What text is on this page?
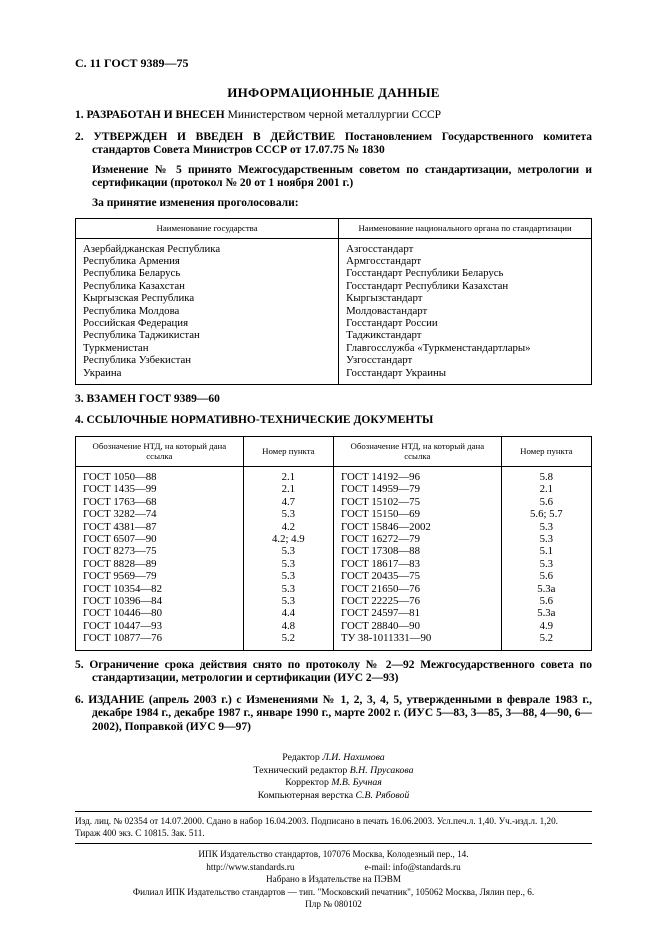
С. 11 ГОСТ 9389—75
ИНФОРМАЦИОННЫЕ ДАННЫЕ

1. РАЗРАБОТАН И ВНЕСЕН Министерством черной металлургии СССР

2. УТВЕРЖДЕН И ВВЕДЕН В ДЕЙСТВИЕ Постановлением Государственного комитета стандартов Совета Министров СССР от 17.07.75 № 1830

Изменение № 5 принято Межгосударственным советом по стандартизации, метрологии и сертификации (протокол № 20 от 1 ноября 2001 г.)

За принятие изменения проголосовали:

Наименование государства	Наименование национального органа по стандартизации
Азербайджанская Республика	Азгосстандарт
Республика Армения	Армгосстандарт
Республика Беларусь	Госстандарт Республики Беларусь
Республика Казахстан	Госстандарт Республики Казахстан
Кыргызская Республика	Кыргызстандарт
Республика Молдова	Молдовастандарт
Российская Федерация	Госстандарт России
Республика Таджикистан	Таджикстандарт
Туркменистан	Главгосслужба «Туркменстандартлары»
Республика Узбекистан	Узгосстандарт
Украина	Госстандарт Украины

3. ВЗАМЕН ГОСТ 9389—60

4. ССЫЛОЧНЫЕ НОРМАТИВНО-ТЕХНИЧЕСКИЕ ДОКУМЕНТЫ

Обозначение НТД, на который дана ссылка	Номер пункта	Обозначение НТД, на который дана ссылка	Номер пункта
ГОСТ 1050—88	2.1	ГОСТ 14192—96	5.8
ГОСТ 1435—99	2.1	ГОСТ 14959—79	2.1
ГОСТ 1763—68	4.7	ГОСТ 15102—75	5.6
ГОСТ 3282—74	5.3	ГОСТ 15150—69	5.6; 5.7
ГОСТ 4381—87	4.2	ГОСТ 15846—2002	5.3
ГОСТ 6507—90	4.2; 4.9	ГОСТ 16272—79	5.3
ГОСТ 8273—75	5.3	ГОСТ 17308—88	5.1
ГОСТ 8828—89	5.3	ГОСТ 18617—83	5.3
ГОСТ 9569—79	5.3	ГОСТ 20435—75	5.6
ГОСТ 10354—82	5.3	ГОСТ 21650—76	5.3а
ГОСТ 10396—84	5.3	ГОСТ 22225—76	5.6
ГОСТ 10446—80	4.4	ГОСТ 24597—81	5.3а
ГОСТ 10447—93	4.8	ГОСТ 28840—90	4.9
ГОСТ 10877—76	5.2	ТУ 38-1011331—90	5.2

5. Ограничение срока действия снято по протоколу № 2—92 Межгосударственного совета по стандартизации, метрологии и сертификации (ИУС 2—93)

6. ИЗДАНИЕ (апрель 2003 г.) с Изменениями № 1, 2, 3, 4, 5, утвержденными в феврале 1983 г., декабре 1984 г., декабре 1987 г., январе 1990 г., марте 2002 г. (ИУС 5—83, 3—85, 3—88, 4—90, 6—2002), Поправкой (ИУС 9—97)

Редактор Л.И. Нахимова
Технический редактор В.Н. Прусакова
Корректор М.В. Бучная
Компьютерная верстка С.В. Рябовой
Изд. лиц. № 02354 от 14.07.2000. Сдано в набор 16.04.2003. Подписано в печать 16.06.2003. Усл.печ.л. 1,40. Уч.-изд.л. 1,20.
Тираж 400 экз. С 10815. Зак. 511.
ИПК Издательство стандартов, 107076 Москва, Колодезный пер., 14.
http://www.standards.ru	e-mail: info@standards.ru
Набрано в Издательстве на ПЭВМ
Филиал ИПК Издательство стандартов — тип. "Московский печатник", 105062 Москва, Лялин пер., 6.
Плр № 080102
